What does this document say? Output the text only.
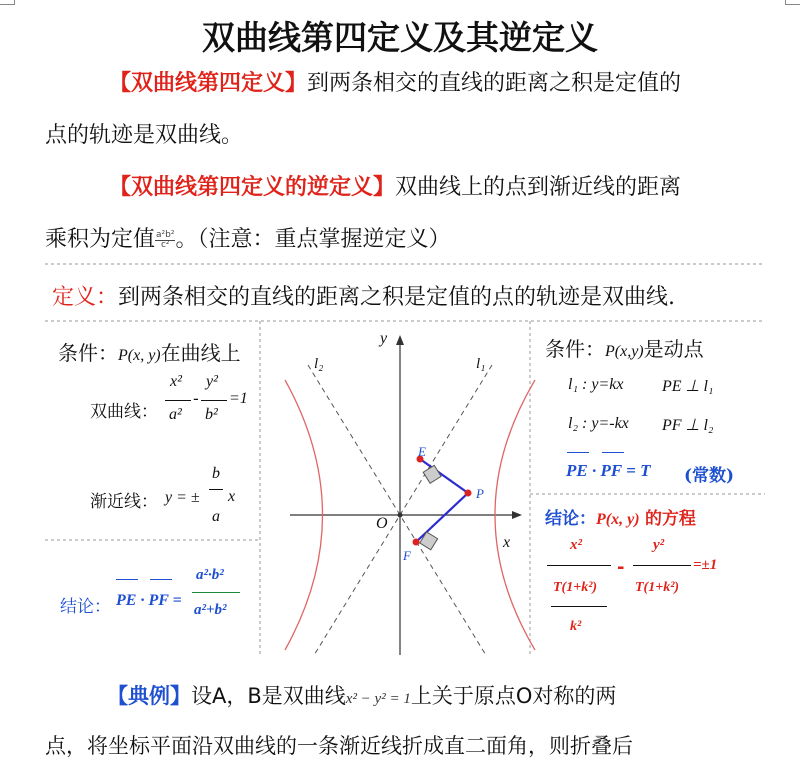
双曲线第四定义及其逆定义
【双曲线第四定义】到两条相交的直线的距离之积是定值的
点的轨迹是双曲线。
【双曲线第四定义的逆定义】双曲线上的点到渐近线的距离
乘积为定值 $\frac{\text{a²b²}}{\text{c²}}$ 。（注意：重点掌握逆定义）
定义：到两条相交的直线的距离之积是定值的点的轨迹是双曲线.
条件：P(x, y)在曲线上
双曲线：
x²
a²
-
y²
b²
=1
渐近线： y = ±
b
a
x
结论： PE · PF =
a²·b²
a²+b²
y
x
O
l₁
l₂
E
P
F
条件：P(x,y)是动点
l₁ : y=kx PE ⊥ l₁
l₂ : y=-kx PF ⊥ l₂
PE · PF = T (常数)
结论：P(x, y) 的方程
x²
T(1+k²)
k²
-
y²
T(1+k²)
=±1
【典例】设A，B是双曲线x² − y² = 1上关于原点O对称的两
点，将坐标平面沿双曲线的一条渐近线折成直二面角，则折叠后
